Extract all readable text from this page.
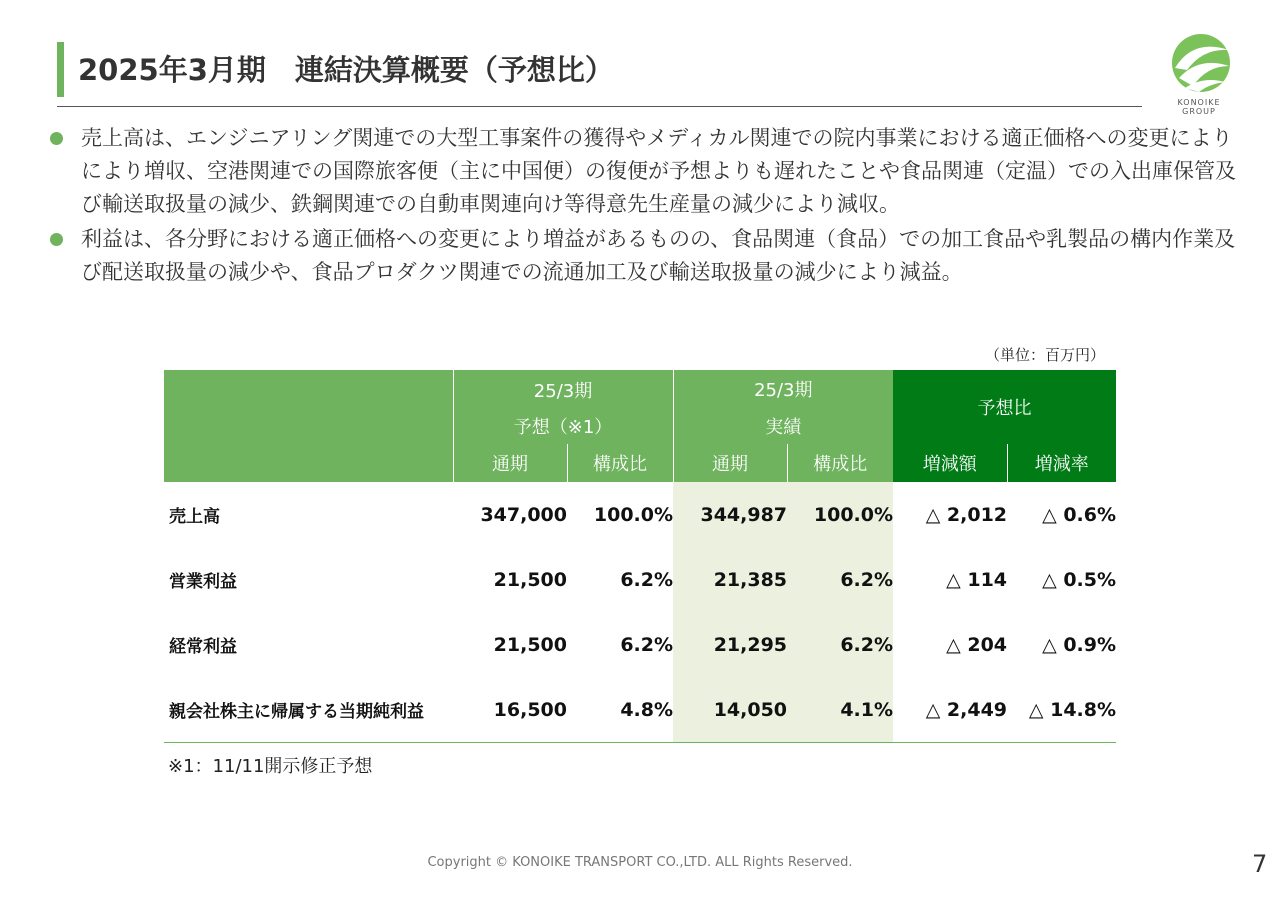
2025年3月期　連結決算概要（予想比）
KONOIKE
GROUP
売上高は、エンジニアリング関連での大型工事案件の獲得やメディカル関連での院内事業における適正価格への変更によりにより増収、空港関連での国際旅客便（主に中国便）の復便が予想よりも遅れたことや食品関連（定温）での入出庫保管及び輸送取扱量の減少、鉄鋼関連での自動車関連向け等得意先生産量の減少により減収。
利益は、各分野における適正価格への変更により増益があるものの、食品関連（食品）での加工食品や乳製品の構内作業及び配送取扱量の減少や、食品プロダクツ関連での流通加工及び輸送取扱量の減少により減益。
（単位：百万円）

	25/3期		25/3期		予想比	
	予想（※1）		実績			
	通期	構成比	通期	構成比	増減額	増減率
売上高	347,000	100.0%	344,987	100.0%	△ 2,012	△ 0.6%
営業利益	21,500	6.2%	21,385	6.2%	△ 114	△ 0.5%
経常利益	21,500	6.2%	21,295	6.2%	△ 204	△ 0.9%
親会社株主に帰属する当期純利益	16,500	4.8%	14,050	4.1%	△ 2,449	△ 14.8%
※1：11/11開示修正予想
Copyright © KONOIKE TRANSPORT CO.,LTD. ALL Rights Reserved.	7
